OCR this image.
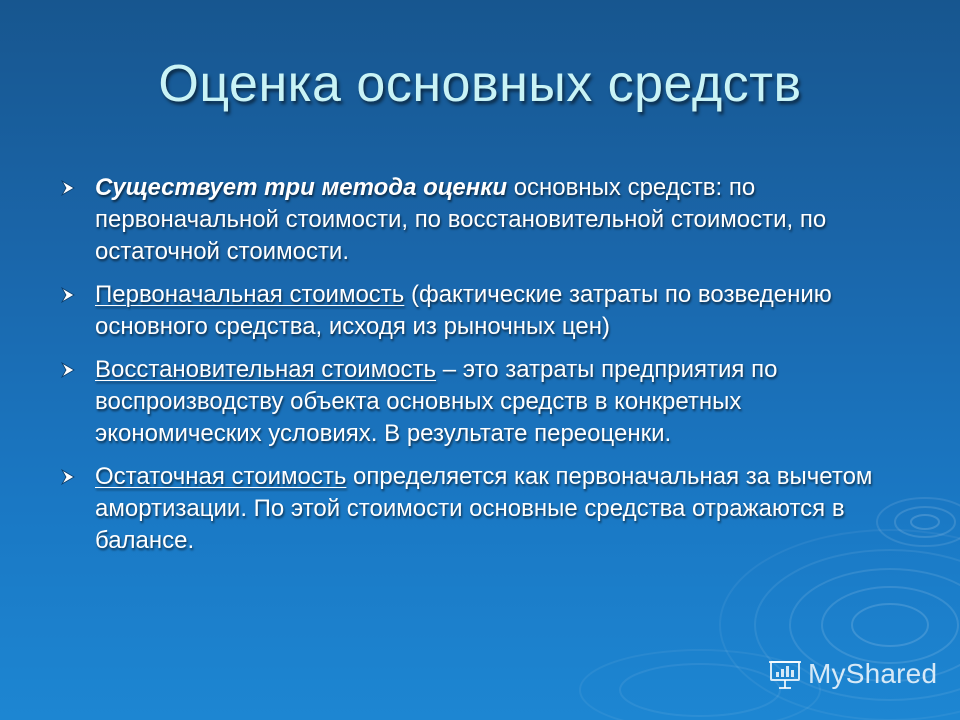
Оценка основных средств
Существует три метода оценки основных средств: по первоначальной стоимости, по восстановительной стоимости, по остаточной стоимости.
Первоначальная стоимость (фактические затраты по возведению основного средства, исходя из рыночных цен)
Восстановительная стоимость – это затраты предприятия по воспроизводству объекта основных средств в конкретных экономических условиях. В результате переоценки.
Остаточная стоимость определяется как первоначальная за вычетом амортизации. По этой стоимости основные средства отражаются в балансе.
MyShared
